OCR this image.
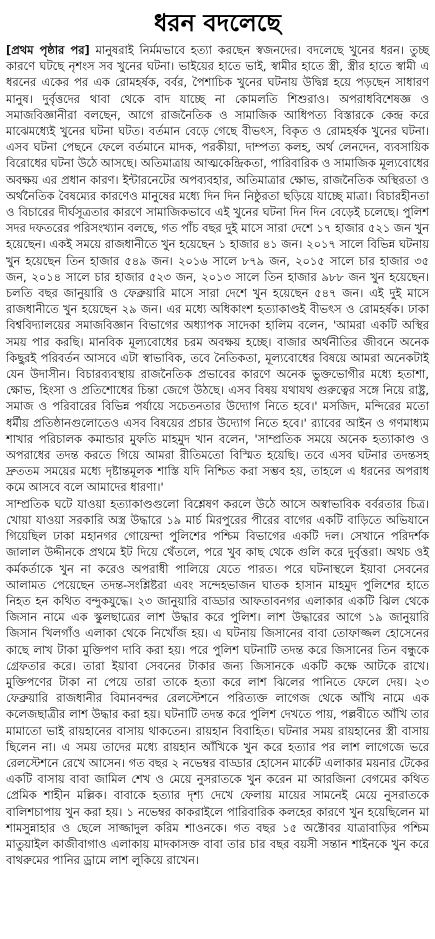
ধরন বদলেছে

[প্রথম পৃষ্ঠার পর] মানুষরাই নির্মমভাবে হত্যা করছেন স্বজনদের। বদলেছে খুনের ধরন। তুচ্ছ কারণে ঘটছে নৃশংস সব খুনের ঘটনা। ভাইয়ের হাতে ভাই, স্বামীর হাতে স্ত্রী, স্ত্রীর হাতে স্বামী এ ধরনের একের পর এক রোমহর্ষক, বর্বর, পৈশাচিক খুনের ঘটনায় উদ্বিগ্ন হয়ে পড়ছেন সাধারণ মানুষ। দুর্বৃত্তদের থাবা থেকে বাদ যাচ্ছে না কোমলতি শিশুরাও। অপরাধবিশেষজ্ঞ ও সমাজবিজ্ঞানীরা বলছেন, আগে রাজনৈতিক ও সামাজিক আধিপত্য বিস্তারকে কেন্দ্র করে মাঝেমধ্যেই খুনের ঘটনা ঘটত। বর্তমান বেড়ে গেছে বীভৎস, বিকৃত ও রোমহর্ষক খুনের ঘটনা। এসব ঘটনা পেছনে ফেলে বর্তমানে মাদক, পরকীয়া, দাম্পত্য কলহ, অর্থ লেনদেন, ব্যবসায়িক বিরোধের ঘটনা উঠে আসছে। অতিমাত্রায় আত্মকেন্দ্রিকতা, পারিবারিক ও সামাজিক মূল্যবোধের অবক্ষয় এর প্রধান কারণ। ইন্টারনেটের অপব্যবহার, অতিমাত্রার ক্ষোভ, রাজনৈতিক অস্থিরতা ও অর্থনৈতিক বৈষম্যের কারণেও মানুষের মধ্যে দিন দিন নিষ্ঠুরতা ছড়িয়ে যাচ্ছে মাত্রা। বিচারহীনতা ও বিচারের দীর্ঘসূত্রতার কারণে সামাজিকভাবে এই খুনের ঘটনা দিন দিন বেড়েই চলেছে। পুলিশ সদর দফতরের পরিসংখ্যান বলছে, গত পাঁচ বছর দুই মাসে সারা দেশে ১৭ হাজার ৫২১ জন খুন হয়েছেন। একই সময়ে রাজধানীতে খুন হয়েছেন ১ হাজার ৪১ জন। ২০১৭ সালে বিভিন্ন ঘটনায় খুন হয়েছেন তিন হাজার ৫৪৯ জন। ২০১৬ সালে ৮৭৯ জন, ২০১৫ সালে চার হাজার ৩৫ জন, ২০১৪ সালে চার হাজার ৫২৩ জন, ২০১৩ সালে তিন হাজার ৯৮৮ জন খুন হয়েছেন। চলতি বছর জানুয়ারি ও ফেব্রুয়ারি মাসে সারা দেশে খুন হয়েছেন ৫৪৭ জন। এই দুই মাসে রাজধানীতে খুন হয়েছেন ২৯ জন। এর মধ্যে অধিকাংশ হত্যাকাণ্ডই বীভৎস ও রোমহর্ষক। ঢাকা বিশ্ববিদ্যালয়ের সমাজবিজ্ঞান বিভাগের অধ্যাপক সাদেকা হালিম বলেন, 'আমরা একটি অস্থির সময় পার করছি। মানবিক মূল্যবোধের চরম অবক্ষয় হচ্ছে। বাজার অর্থনীতির জীবনে অনেক কিছুরই পরিবর্তন আসবে এটা স্বাভাবিক, তবে নৈতিকতা, মূল্যবোধের বিষয়ে আমরা অনেকটাই যেন উদাসীন। বিচারব্যবস্থায় রাজনৈতিক প্রভাবের কারণে অনেক ভুক্তভোগীর মধ্যে হতাশা, ক্ষোভ, হিংসা ও প্রতিশোধের চিন্তা জেগে উঠছে। এসব বিষয় যথাযথ গুরুত্বের সঙ্গে নিয়ে রাষ্ট্র, সমাজ ও পরিবারের বিভিন্ন পর্যায়ে সচেতনতার উদ্যোগ নিতে হবে।' মসজিদ, মন্দিরের মতো ধর্মীয় প্রতিষ্ঠানগুলোতেও এসব বিষয়ের প্রচার উদ্যোগ নিতে হবে।' র‍্যাবের আইন ও গণমাধ্যম শাখার পরিচালক কমান্ডার মুফতি মাহমুদ খান বলেন, 'সাম্প্রতিক সময়ে অনেক হত্যাকাণ্ড ও অপরাধের তদন্ত করতে গিয়ে আমরা রীতিমতো বিস্মিত হয়েছি। তবে এসব ঘটনার তদন্তসহ দ্রুততম সময়ের মধ্যে দৃষ্টান্তমূলক শাস্তি যদি নিশ্চিত করা সম্ভব হয়, তাহলে এ ধরনের অপরাধ কমে আসবে বলে আমাদের ধারণা।'

সাম্প্রতিক ঘটে যাওয়া হত্যাকাণ্ডগুলো বিশ্লেষণ করলে উঠে আসে অস্বাভাবিক বর্বরতার চিত্র। খোয়া যাওয়া সরকারি অস্ত্র উদ্ধারে ১৯ মার্চ মিরপুরের পীরের বাগের একটি বাড়িতে অভিযানে গিয়েছিল ঢাকা মহানগর গোয়েন্দা পুলিশের পশ্চিম বিভাগের একটি দল। সেখানে পরিদর্শক জালাল উদ্দীনকে প্রথমে ইট দিয়ে থেঁতলে, পরে খুব কাছ থেকে গুলি করে দুর্বৃত্তরা। অথচ ওই কর্মকর্তাকে খুন না করেও অপরাধী পালিয়ে যেতে পারত। পরে ঘটনাস্থলে ইয়াবা সেবনের আলামত পেয়েছেন তদন্ত-সংশ্লিষ্টরা এবং সন্দেহভাজন ঘাতক হাসান মাহমুদ পুলিশের হাতে নিহত হন কথিত বন্দুকযুদ্ধে। ২৩ জানুয়ারি বাড্ডার আফতাবনগর এলাকার একটি ঝিল থেকে জিসান নামে এক স্কুলছাত্রের লাশ উদ্ধার করে পুলিশ। লাশ উদ্ধারের আগে ১৯ জানুয়ারি জিসান খিলগাঁও এলাকা থেকে নিখোঁজ হয়। এ ঘটনায় জিসানের বাবা তোফাজ্জল হোসেনের কাছে লাখ টাকা মুক্তিপণ দাবি করা হয়। পরে পুলিশ ঘটনাটি তদন্ত করে জিসানের তিন বন্ধুকে গ্রেফতার করে। তারা ইয়াবা সেবনের টাকার জন্য জিসানকে একটি কক্ষে আটকে রাখে। মুক্তিপণের টাকা না পেয়ে তারা তাকে হত্যা করে লাশ ঝিলের পানিতে ফেলে দেয়। ২৩ ফেব্রুয়ারি রাজধানীর বিমানবন্দর রেলস্টেশনে পরিত্যক্ত লাগেজ থেকে আঁখি নামে এক কলেজছাত্রীর লাশ উদ্ধার করা হয়। ঘটনাটি তদন্ত করে পুলিশ দেখতে পায়, পল্লবীতে আঁখি তার মামাতো ভাই রায়হানের বাসায় থাকতেন। রায়হান বিবাহিত। ঘটনার সময় রায়হানের স্ত্রী বাসায় ছিলেন না। এ সময় তাদের মধ্যে রায়হান আঁখিকে খুন করে হত্যার পর লাশ লাগেজে ভরে রেলস্টেশনে রেখে আসেন। গত বছর ২ নভেম্বর বাড্ডার হোসেন মার্কেট এলাকার ময়নার টেকের একটি বাসায় বাবা জামিল শেখ ও মেয়ে নুসরাতকে খুন করেন মা আরজিনা বেগমের কথিত প্রেমিক শাহীন মল্লিক। বাবাকে হত্যার দৃশ্য দেখে ফেলায় মায়ের সামনেই মেয়ে নুসরাতকে বালিশচাপায় খুন করা হয়। ১ নভেম্বর কাকরাইলে পারিবারিক কলহের কারণে খুন হয়েছিলেন মা শামসুন্নাহার ও ছেলে সাজ্জাদুল করিম শাওনকে। গত বছর ১৫ অক্টোবর যাত্রাবাড়ির পশ্চিম মাতুয়াইল কাজীবাগাও এলাকায় মাদকাসক্ত বাবা তার চার বছর বয়সী সন্তান শাইনকে খুন করে বাথরুমের পানির ড্রামে লাশ লুকিয়ে রাখেন।
